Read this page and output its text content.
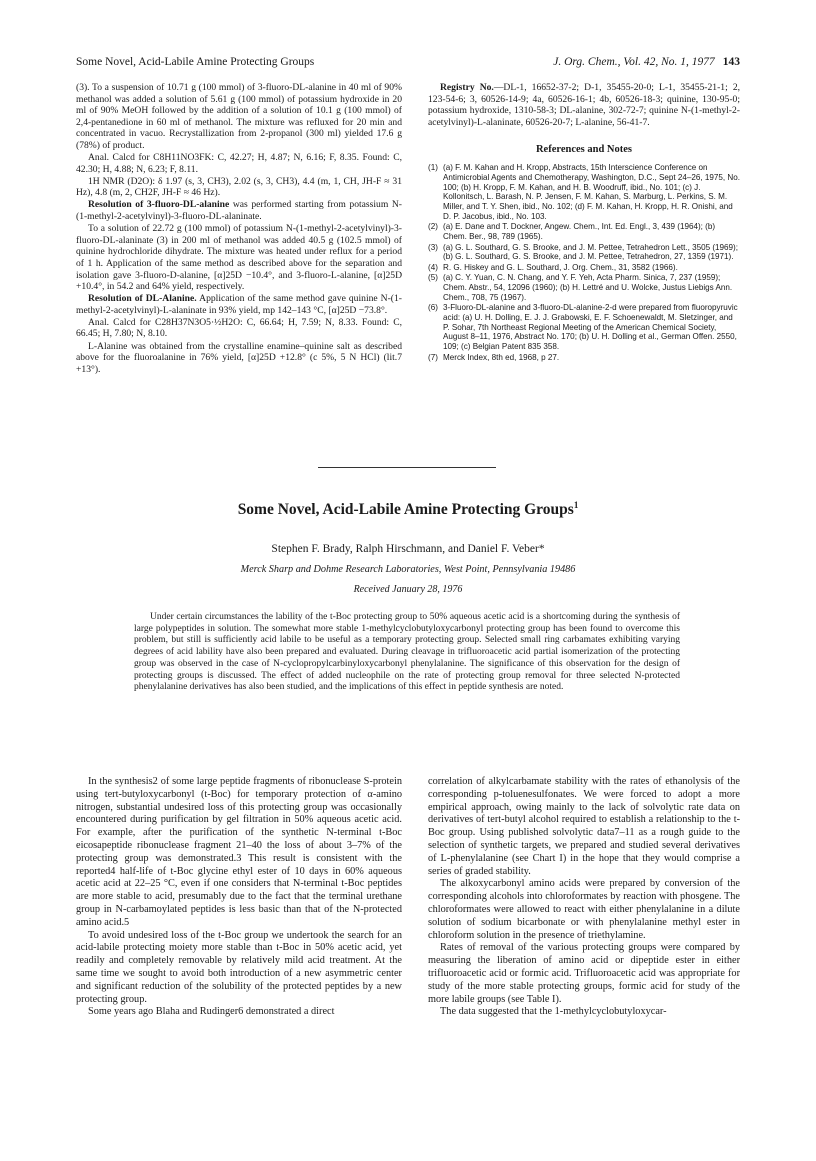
Some Novel, Acid-Labile Amine Protecting Groups	J. Org. Chem., Vol. 42, No. 1, 1977 143

(3). To a suspension of 10.71 g (100 mmol) of 3-fluoro-DL-alanine in 40 ml of 90% methanol was added a solution of 5.61 g (100 mmol) of potassium hydroxide in 20 ml of 90% MeOH followed by the addition of a solution of 10.1 g (100 mmol) of 2,4-pentanedione in 60 ml of methanol. The mixture was refluxed for 20 min and concentrated in vacuo. Recrystallization from 2-propanol (300 ml) yielded 17.6 g (78%) of product.

Anal. Calcd for C8H11NO3FK: C, 42.27; H, 4.87; N, 6.16; F, 8.35. Found: C, 42.30; H, 4.88; N, 6.23; F, 8.11.

1H NMR (D2O): δ 1.97 (s, 3, CH3), 2.02 (s, 3, CH3), 4.4 (m, 1, CH, JH-F ≈ 31 Hz), 4.8 (m, 2, CH2F, JH-F ≈ 46 Hz).

Resolution of 3-fluoro-DL-alanine was performed starting from potassium N-(1-methyl-2-acetylvinyl)-3-fluoro-DL-alaninate.

To a solution of 22.72 g (100 mmol) of potassium N-(1-methyl-2-acetylvinyl)-3-fluoro-DL-alaninate (3) in 200 ml of methanol was added 40.5 g (102.5 mmol) of quinine hydrochloride dihydrate. The mixture was heated under reflux for a period of 1 h. Application of the same method as described above for the separation and isolation gave 3-fluoro-D-alanine, [α]25D −10.4°, and 3-fluoro-L-alanine, [α]25D +10.4°, in 54.2 and 64% yield, respectively.

Resolution of DL-Alanine. Application of the same method gave quinine N-(1-methyl-2-acetylvinyl)-L-alaninate in 93% yield, mp 142–143 °C, [α]25D −73.8°.

Anal. Calcd for C28H37N3O5·½H2O: C, 66.64; H, 7.59; N, 8.33. Found: C, 66.45; H, 7.80; N, 8.10.

L-Alanine was obtained from the crystalline enamine–quinine salt as described above for the fluoroalanine in 76% yield, [α]25D +12.8° (c 5%, 5 N HCl) (lit.7 +13°).

Registry No.—DL-1, 16652-37-2; D-1, 35455-20-0; L-1, 35455-21-1; 2, 123-54-6; 3, 60526-14-9; 4a, 60526-16-1; 4b, 60526-18-3; quinine, 130-95-0; potassium hydroxide, 1310-58-3; DL-alanine, 302-72-7; quinine N-(1-methyl-2-acetylvinyl)-L-alaninate, 60526-20-7; L-alanine, 56-41-7.

References and Notes
(1) (a) F. M. Kahan and H. Kropp, Abstracts, 15th Interscience Conference on Antimicrobial Agents and Chemotherapy, Washington, D.C., Sept 24–26, 1975, No. 100; (b) H. Kropp, F. M. Kahan, and H. B. Woodruff, ibid., No. 101; (c) J. Kollonitsch, L. Barash, N. P. Jensen, F. M. Kahan, S. Marburg, L. Perkins, S. M. Miller, and T. Y. Shen, ibid., No. 102; (d) F. M. Kahan, H. Kropp, H. R. Onishi, and D. P. Jacobus, ibid., No. 103.
(2) (a) E. Dane and T. Dockner, Angew. Chem., Int. Ed. Engl., 3, 439 (1964); (b) Chem. Ber., 98, 789 (1965).
(3) (a) G. L. Southard, G. S. Brooke, and J. M. Pettee, Tetrahedron Lett., 3505 (1969); (b) G. L. Southard, G. S. Brooke, and J. M. Pettee, Tetrahedron, 27, 1359 (1971).
(4) R. G. Hiskey and G. L. Southard, J. Org. Chem., 31, 3582 (1966).
(5) (a) C. Y. Yuan, C. N. Chang, and Y. F. Yeh, Acta Pharm. Sinica, 7, 237 (1959); Chem. Abstr., 54, 12096 (1960); (b) H. Lettré and U. Wolcke, Justus Liebigs Ann. Chem., 708, 75 (1967).
(6) 3-Fluoro-DL-alanine and 3-fluoro-DL-alanine-2-d were prepared from fluoropyruvic acid: (a) U. H. Dolling, E. J. J. Grabowski, E. F. Schoenewaldt, M. Sletzinger, and P. Sohar, 7th Northeast Regional Meeting of the American Chemical Society, August 8–11, 1976, Abstract No. 170; (b) U. H. Dolling et al., German Offen. 2550, 109; (c) Belgian Patent 835 358.
(7) Merck Index, 8th ed, 1968, p 27.
Some Novel, Acid-Labile Amine Protecting Groups$^1$
Stephen F. Brady, Ralph Hirschmann, and Daniel F. Veber*
Merck Sharp and Dohme Research Laboratories, West Point, Pennsylvania 19486
Received January 28, 1976
Under certain circumstances the lability of the t-Boc protecting group to 50% aqueous acetic acid is a shortcoming during the synthesis of large polypeptides in solution. The somewhat more stable 1-methylcyclobutyloxycarbonyl protecting group has been found to overcome this problem, but still is sufficiently acid labile to be useful as a temporary protecting group. Selected small ring carbamates exhibiting varying degrees of acid lability have also been prepared and evaluated. During cleavage in trifluoroacetic acid partial isomerization of the protecting group was observed in the case of N-cyclopropylcarbinyloxycarbonyl phenylalanine. The significance of this observation for the design of protecting groups is discussed. The effect of added nucleophile on the rate of protecting group removal for three selected N-protected phenylalanine derivatives has also been studied, and the implications of this effect in peptide synthesis are noted.

In the synthesis2 of some large peptide fragments of ribonuclease S-protein using tert-butyloxycarbonyl (t-Boc) for temporary protection of α-amino nitrogen, substantial undesired loss of this protecting group was occasionally encountered during purification by gel filtration in 50% aqueous acetic acid. For example, after the purification of the synthetic N-terminal t-Boc eicosapeptide ribonuclease fragment 21–40 the loss of about 3–7% of the protecting group was demonstrated.3 This result is consistent with the reported4 half-life of t-Boc glycine ethyl ester of 10 days in 60% aqueous acetic acid at 22–25 °C, even if one considers that N-terminal t-Boc peptides are more stable to acid, presumably due to the fact that the terminal urethane group in N-carbamoylated peptides is less basic than that of the N-protected amino acid.5

To avoid undesired loss of the t-Boc group we undertook the search for an acid-labile protecting moiety more stable than t-Boc in 50% acetic acid, yet readily and completely removable by relatively mild acid treatment. At the same time we sought to avoid both introduction of a new asymmetric center and significant reduction of the solubility of the protected peptides by a new protecting group.

Some years ago Blaha and Rudinger6 demonstrated a direct

correlation of alkylcarbamate stability with the rates of ethanolysis of the corresponding p-toluenesulfonates. We were forced to adopt a more empirical approach, owing mainly to the lack of solvolytic rate data on derivatives of tert-butyl alcohol required to establish a relationship to the t-Boc group. Using published solvolytic data7–11 as a rough guide to the selection of synthetic targets, we prepared and studied several derivatives of L-phenylalanine (see Chart I) in the hope that they would comprise a series of graded stability.

The alkoxycarbonyl amino acids were prepared by conversion of the corresponding alcohols into chloroformates by reaction with phosgene. The chloroformates were allowed to react with either phenylalanine in a dilute solution of sodium bicarbonate or with phenylalanine methyl ester in chloroform solution in the presence of triethylamine.

Rates of removal of the various protecting groups were compared by measuring the liberation of amino acid or dipeptide ester in either trifluoroacetic acid or formic acid. Trifluoroacetic acid was appropriate for study of the more stable protecting groups, formic acid for study of the more labile groups (see Table I).

The data suggested that the 1-methylcyclobutyloxycar-
